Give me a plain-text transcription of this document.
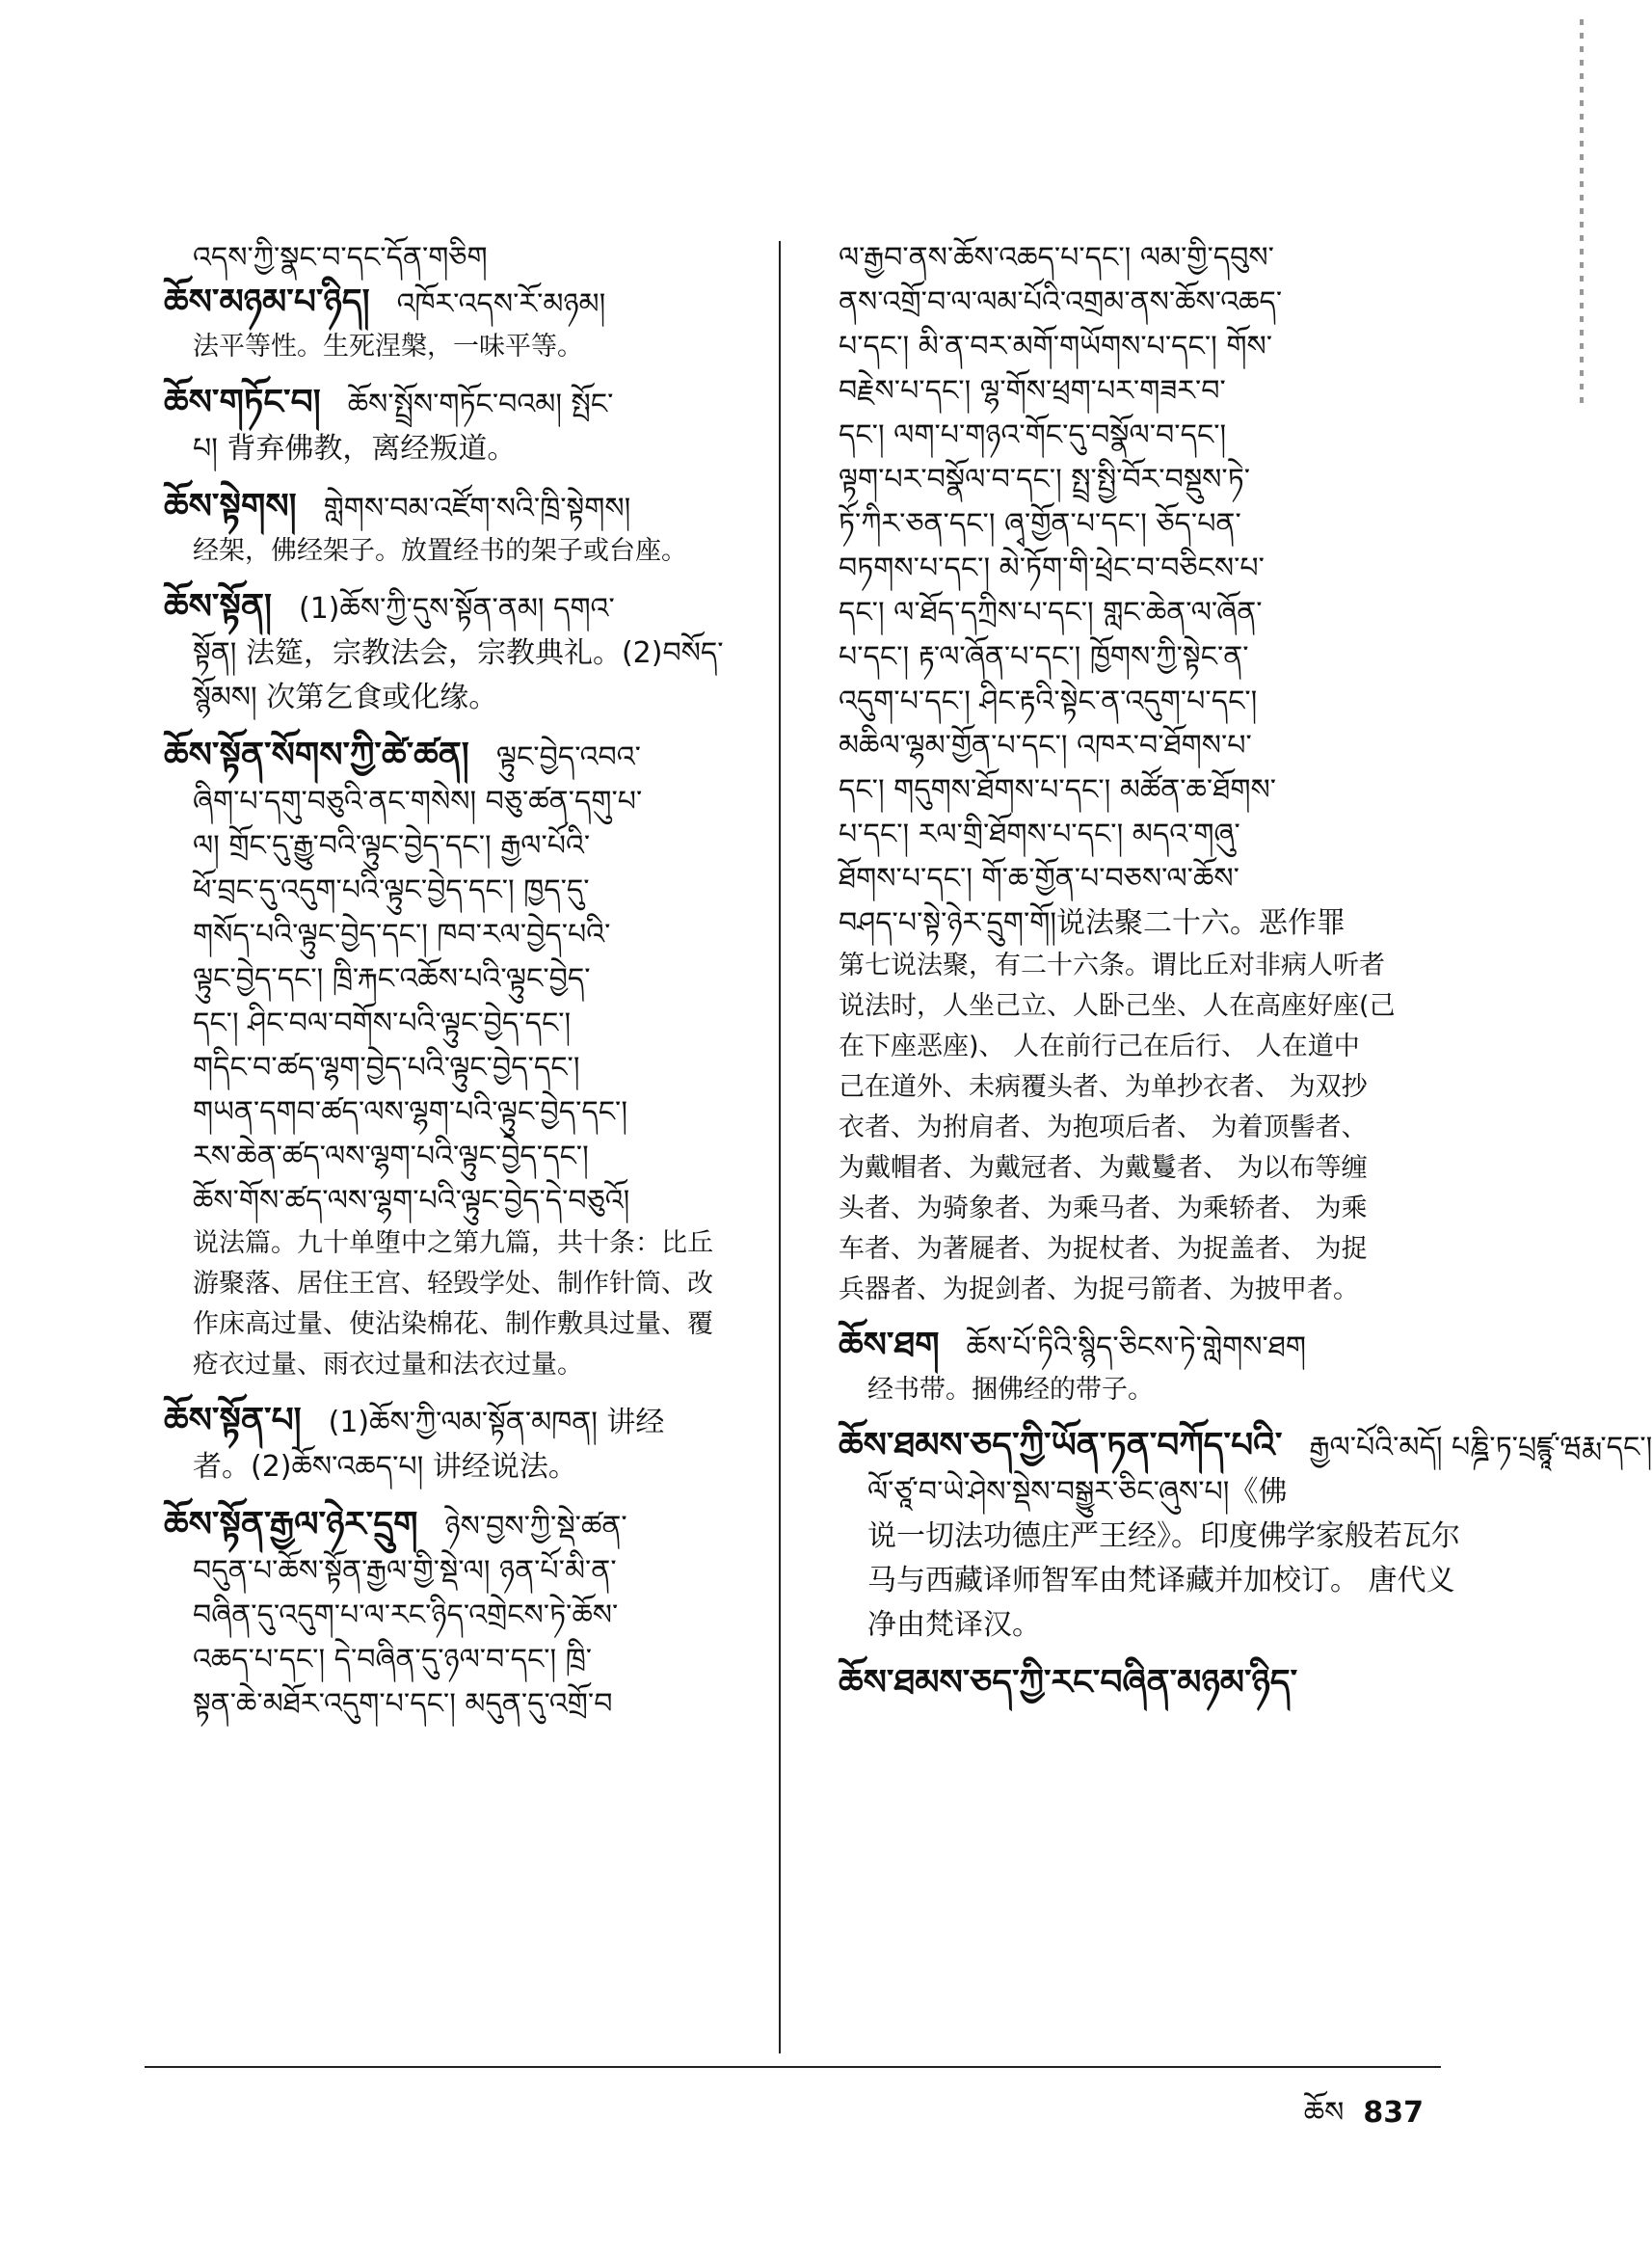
འདས་ཀྱི་སྣང་བ་དང་དོན་གཅིག
ཆོས་མཉམ་པ་ཉིད། འཁོར་འདས་རོ་མཉམ།
法平等性。生死涅槃，一味平等。
ཆོས་གཏོང་བ། ཆོས་སྤྲོས་གཏོང་བའམ། སྤོང་
པ། 背弃佛教，离经叛道。
ཆོས་སྟེགས། གླེགས་བམ་འཛོག་སའི་ཁྲི་སྟེགས།
经架，佛经架子。放置经书的架子或台座。
ཆོས་སྟོན། (1)ཆོས་ཀྱི་དུས་སྟོན་ནམ། དགའ་
སྟོན། 法筵，宗教法会，宗教典礼。(2)བསོད་
སྙོམས། 次第乞食或化缘。
ཆོས་སྟོན་སོགས་ཀྱི་ཚེ་ཚན། ལྟུང་བྱེད་འབའ་
ཞིག་པ་དགུ་བཅུའི་ནང་གསེས། བཅུ་ཚན་དགུ་པ་
ལ། གྲོང་དུ་རྒྱུ་བའི་ལྟུང་བྱེད་དང་། རྒྱལ་པོའི་
ཕོ་བྲང་དུ་འདུག་པའི་ལྟུང་བྱེད་དང་། ཁྱད་དུ་
གསོད་པའི་ལྟུང་བྱེད་དང་། ཁབ་རལ་བྱེད་པའི་
ལྟུང་བྱེད་དང་། ཁྲི་རྐང་འཆོས་པའི་ལྟུང་བྱེད་
དང་། ཤིང་བལ་བགོས་པའི་ལྟུང་བྱེད་དང་།
གདིང་བ་ཚད་ལྷག་བྱེད་པའི་ལྟུང་བྱེད་དང་།
གཡན་དགབ་ཚད་ལས་ལྷག་པའི་ལྟུང་བྱེད་དང་།
རས་ཆེན་ཚད་ལས་ལྷག་པའི་ལྟུང་བྱེད་དང་།
ཆོས་གོས་ཚད་ལས་ལྷག་པའི་ལྟུང་བྱེད་དེ་བཅུའོ།
说法篇。九十单堕中之第九篇，共十条：比丘
游聚落、居住王宫、轻毁学处、制作针筒、改
作床高过量、使沾染棉花、制作敷具过量、覆
疮衣过量、雨衣过量和法衣过量。
ཆོས་སྟོན་པ། (1)ཆོས་ཀྱི་ལམ་སྟོན་མཁན། 讲经
者。(2)ཆོས་འཆད་པ། 讲经说法。
ཆོས་སྟོན་རྒྱལ་ཉེར་དྲུག ཉེས་བྱས་ཀྱི་སྡེ་ཚན་
བདུན་པ་ཆོས་སྟོན་རྒྱལ་གྱི་སྡེ་ལ། ཉན་པོ་མི་ན་
བཞིན་དུ་འདུག་པ་ལ་རང་ཉིད་འགྲེངས་ཏེ་ཆོས་
འཆད་པ་དང་། དེ་བཞིན་དུ་ཉལ་བ་དང་། ཁྲི་
སྟན་ཆེ་མཐོར་འདུག་པ་དང་། མདུན་དུ་འགྲོ་བ
ལ་རྒྱབ་ནས་ཆོས་འཆད་པ་དང་། ལམ་གྱི་དབུས་
ནས་འགྲོ་བ་ལ་ལམ་པོའི་འགྲམ་ནས་ཆོས་འཆད་
པ་དང་། མི་ན་བར་མགོ་གཡོགས་པ་དང་། གོས་
བརྗེས་པ་དང་། ལྷ་གོས་ཕྲག་པར་གཟར་བ་
དང་། ལག་པ་གཉའ་གོང་དུ་བསྣོལ་བ་དང་།
ལྟག་པར་བསྣོལ་བ་དང་། སྤྲ་སྤྱི་བོར་བསྡུས་ཏེ་
ཏོ་ཀིར་ཅན་དང་། ཞྭ་གྱོན་པ་དང་། ཅོད་པན་
བཏགས་པ་དང་། མེ་ཏོག་གི་ཕྲེང་བ་བཅིངས་པ་
དང་། ལ་ཐོད་དཀྲིས་པ་དང་། གླང་ཆེན་ལ་ཞོན་
པ་དང་། རྟ་ལ་ཞོན་པ་དང་། ཁྱོགས་ཀྱི་སྟེང་ན་
འདུག་པ་དང་། ཤིང་རྟའི་སྟེང་ན་འདུག་པ་དང་།
མཆིལ་ལྷམ་གྱོན་པ་དང་། འཁར་བ་ཐོགས་པ་
དང་། གདུགས་ཐོགས་པ་དང་། མཚོན་ཆ་ཐོགས་
པ་དང་། རལ་གྲི་ཐོགས་པ་དང་། མདའ་གཞུ་
ཐོགས་པ་དང་། གོ་ཆ་གྱོན་པ་བཅས་ལ་ཆོས་
བཤད་པ་སྟེ་ཉེར་དྲུག་གོ།说法聚二十六。恶作罪
第七说法聚，有二十六条。谓比丘对非病人听者
说法时，人坐己立、人卧己坐、人在高座好座(己
在下座恶座)、 人在前行己在后行、 人在道中
己在道外、未病覆头者、为单抄衣者、 为双抄
衣者、为拊肩者、为抱项后者、 为着顶髻者、
为戴帽者、为戴冠者、为戴鬘者、 为以布等缠
头者、为骑象者、为乘马者、为乘轿者、 为乘
车者、为著屣者、为捉杖者、为捉盖者、 为捉
兵器者、为捉剑者、为捉弓箭者、为披甲者。
ཆོས་ཐག ཆོས་པོ་ཏིའི་སྙིད་ཅིངས་ཏེ་གླེགས་ཐག
经书带。捆佛经的带子。
ཆོས་ཐམས་ཅད་ཀྱི་ཡོན་ཏན་བཀོད་པའི་ རྒྱལ་པོའི་མདོ། པཎྜི་ཏ་པྲཛྙཱ་ཝརྨ་དང་།
ལོ་ཙཱ་བ་ཡེ་ཤེས་སྡེས་བསྒྱུར་ཅིང་ཞུས་པ།《佛
说一切法功德庄严王经》。印度佛学家般若瓦尔
马与西藏译师智军由梵译藏并加校订。 唐代义
净由梵译汉。
ཆོས་ཐམས་ཅད་ཀྱི་རང་བཞིན་མཉམ་ཉིད་
ཆོས 837
